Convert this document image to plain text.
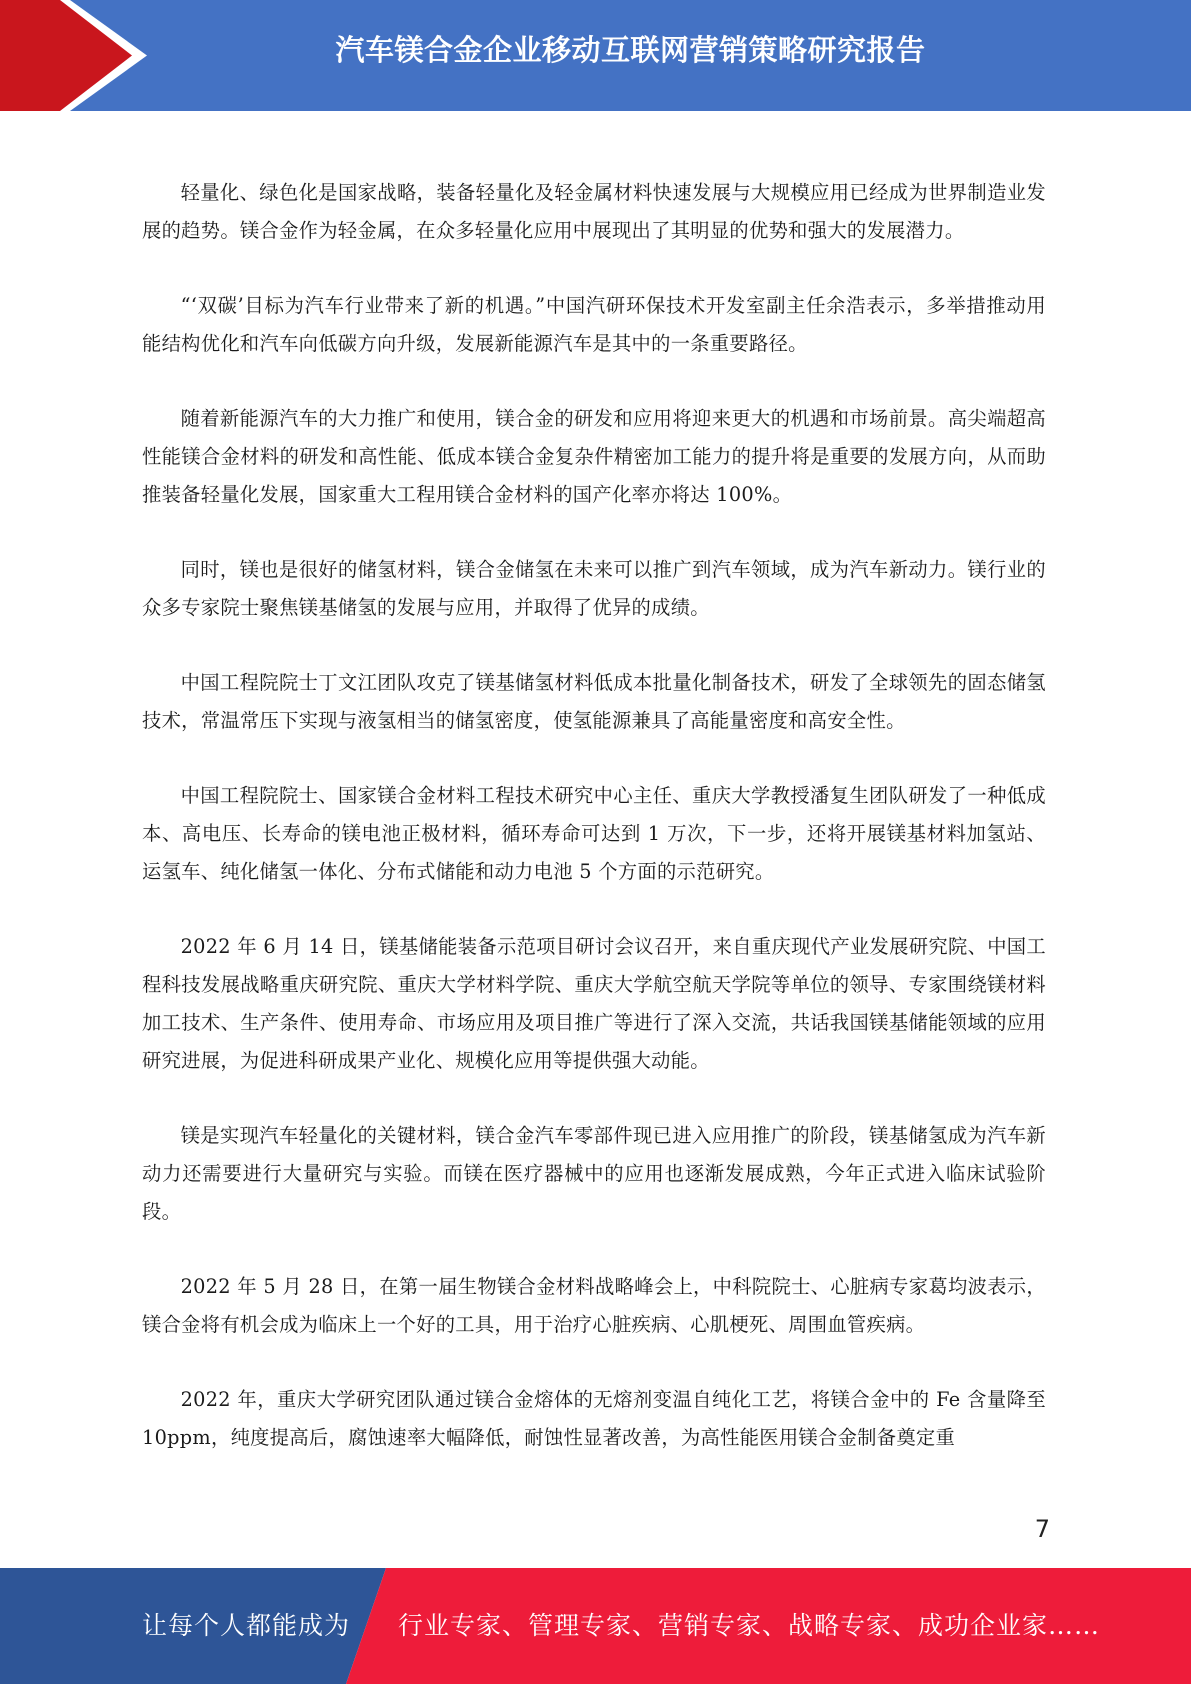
汽车镁合金企业移动互联网营销策略研究报告

轻量化、绿色化是国家战略，装备轻量化及轻金属材料快速发展与大规模应用已经成为世界制造业发展的趋势。镁合金作为轻金属，在众多轻量化应用中展现出了其明显的优势和强大的发展潜力。

“‘双碳’目标为汽车行业带来了新的机遇。”中国汽研环保技术开发室副主任余浩表示，多举措推动用能结构优化和汽车向低碳方向升级，发展新能源汽车是其中的一条重要路径。

随着新能源汽车的大力推广和使用，镁合金的研发和应用将迎来更大的机遇和市场前景。高尖端超高性能镁合金材料的研发和高性能、低成本镁合金复杂件精密加工能力的提升将是重要的发展方向，从而助推装备轻量化发展，国家重大工程用镁合金材料的国产化率亦将达 100%。

同时，镁也是很好的储氢材料，镁合金储氢在未来可以推广到汽车领域，成为汽车新动力。镁行业的众多专家院士聚焦镁基储氢的发展与应用，并取得了优异的成绩。

中国工程院院士丁文江团队攻克了镁基储氢材料低成本批量化制备技术，研发了全球领先的固态储氢技术，常温常压下实现与液氢相当的储氢密度，使氢能源兼具了高能量密度和高安全性。

中国工程院院士、国家镁合金材料工程技术研究中心主任、重庆大学教授潘复生团队研发了一种低成本、高电压、长寿命的镁电池正极材料，循环寿命可达到 1 万次，下一步，还将开展镁基材料加氢站、运氢车、纯化储氢一体化、分布式储能和动力电池 5 个方面的示范研究。

2022 年 6 月 14 日，镁基储能装备示范项目研讨会议召开，来自重庆现代产业发展研究院、中国工程科技发展战略重庆研究院、重庆大学材料学院、重庆大学航空航天学院等单位的领导、专家围绕镁材料加工技术、生产条件、使用寿命、市场应用及项目推广等进行了深入交流，共话我国镁基储能领域的应用研究进展，为促进科研成果产业化、规模化应用等提供强大动能。

镁是实现汽车轻量化的关键材料，镁合金汽车零部件现已进入应用推广的阶段，镁基储氢成为汽车新动力还需要进行大量研究与实验。而镁在医疗器械中的应用也逐渐发展成熟，今年正式进入临床试验阶段。

2022 年 5 月 28 日，在第一届生物镁合金材料战略峰会上，中科院院士、心脏病专家葛均波表示，镁合金将有机会成为临床上一个好的工具，用于治疗心脏疾病、心肌梗死、周围血管疾病。

2022 年，重庆大学研究团队通过镁合金熔体的无熔剂变温自纯化工艺，将镁合金中的 Fe 含量降至 10ppm，纯度提高后，腐蚀速率大幅降低，耐蚀性显著改善，为高性能医用镁合金制备奠定重

7
让每个人都能成为 行业专家、管理专家、营销专家、战略专家、成功企业家……
